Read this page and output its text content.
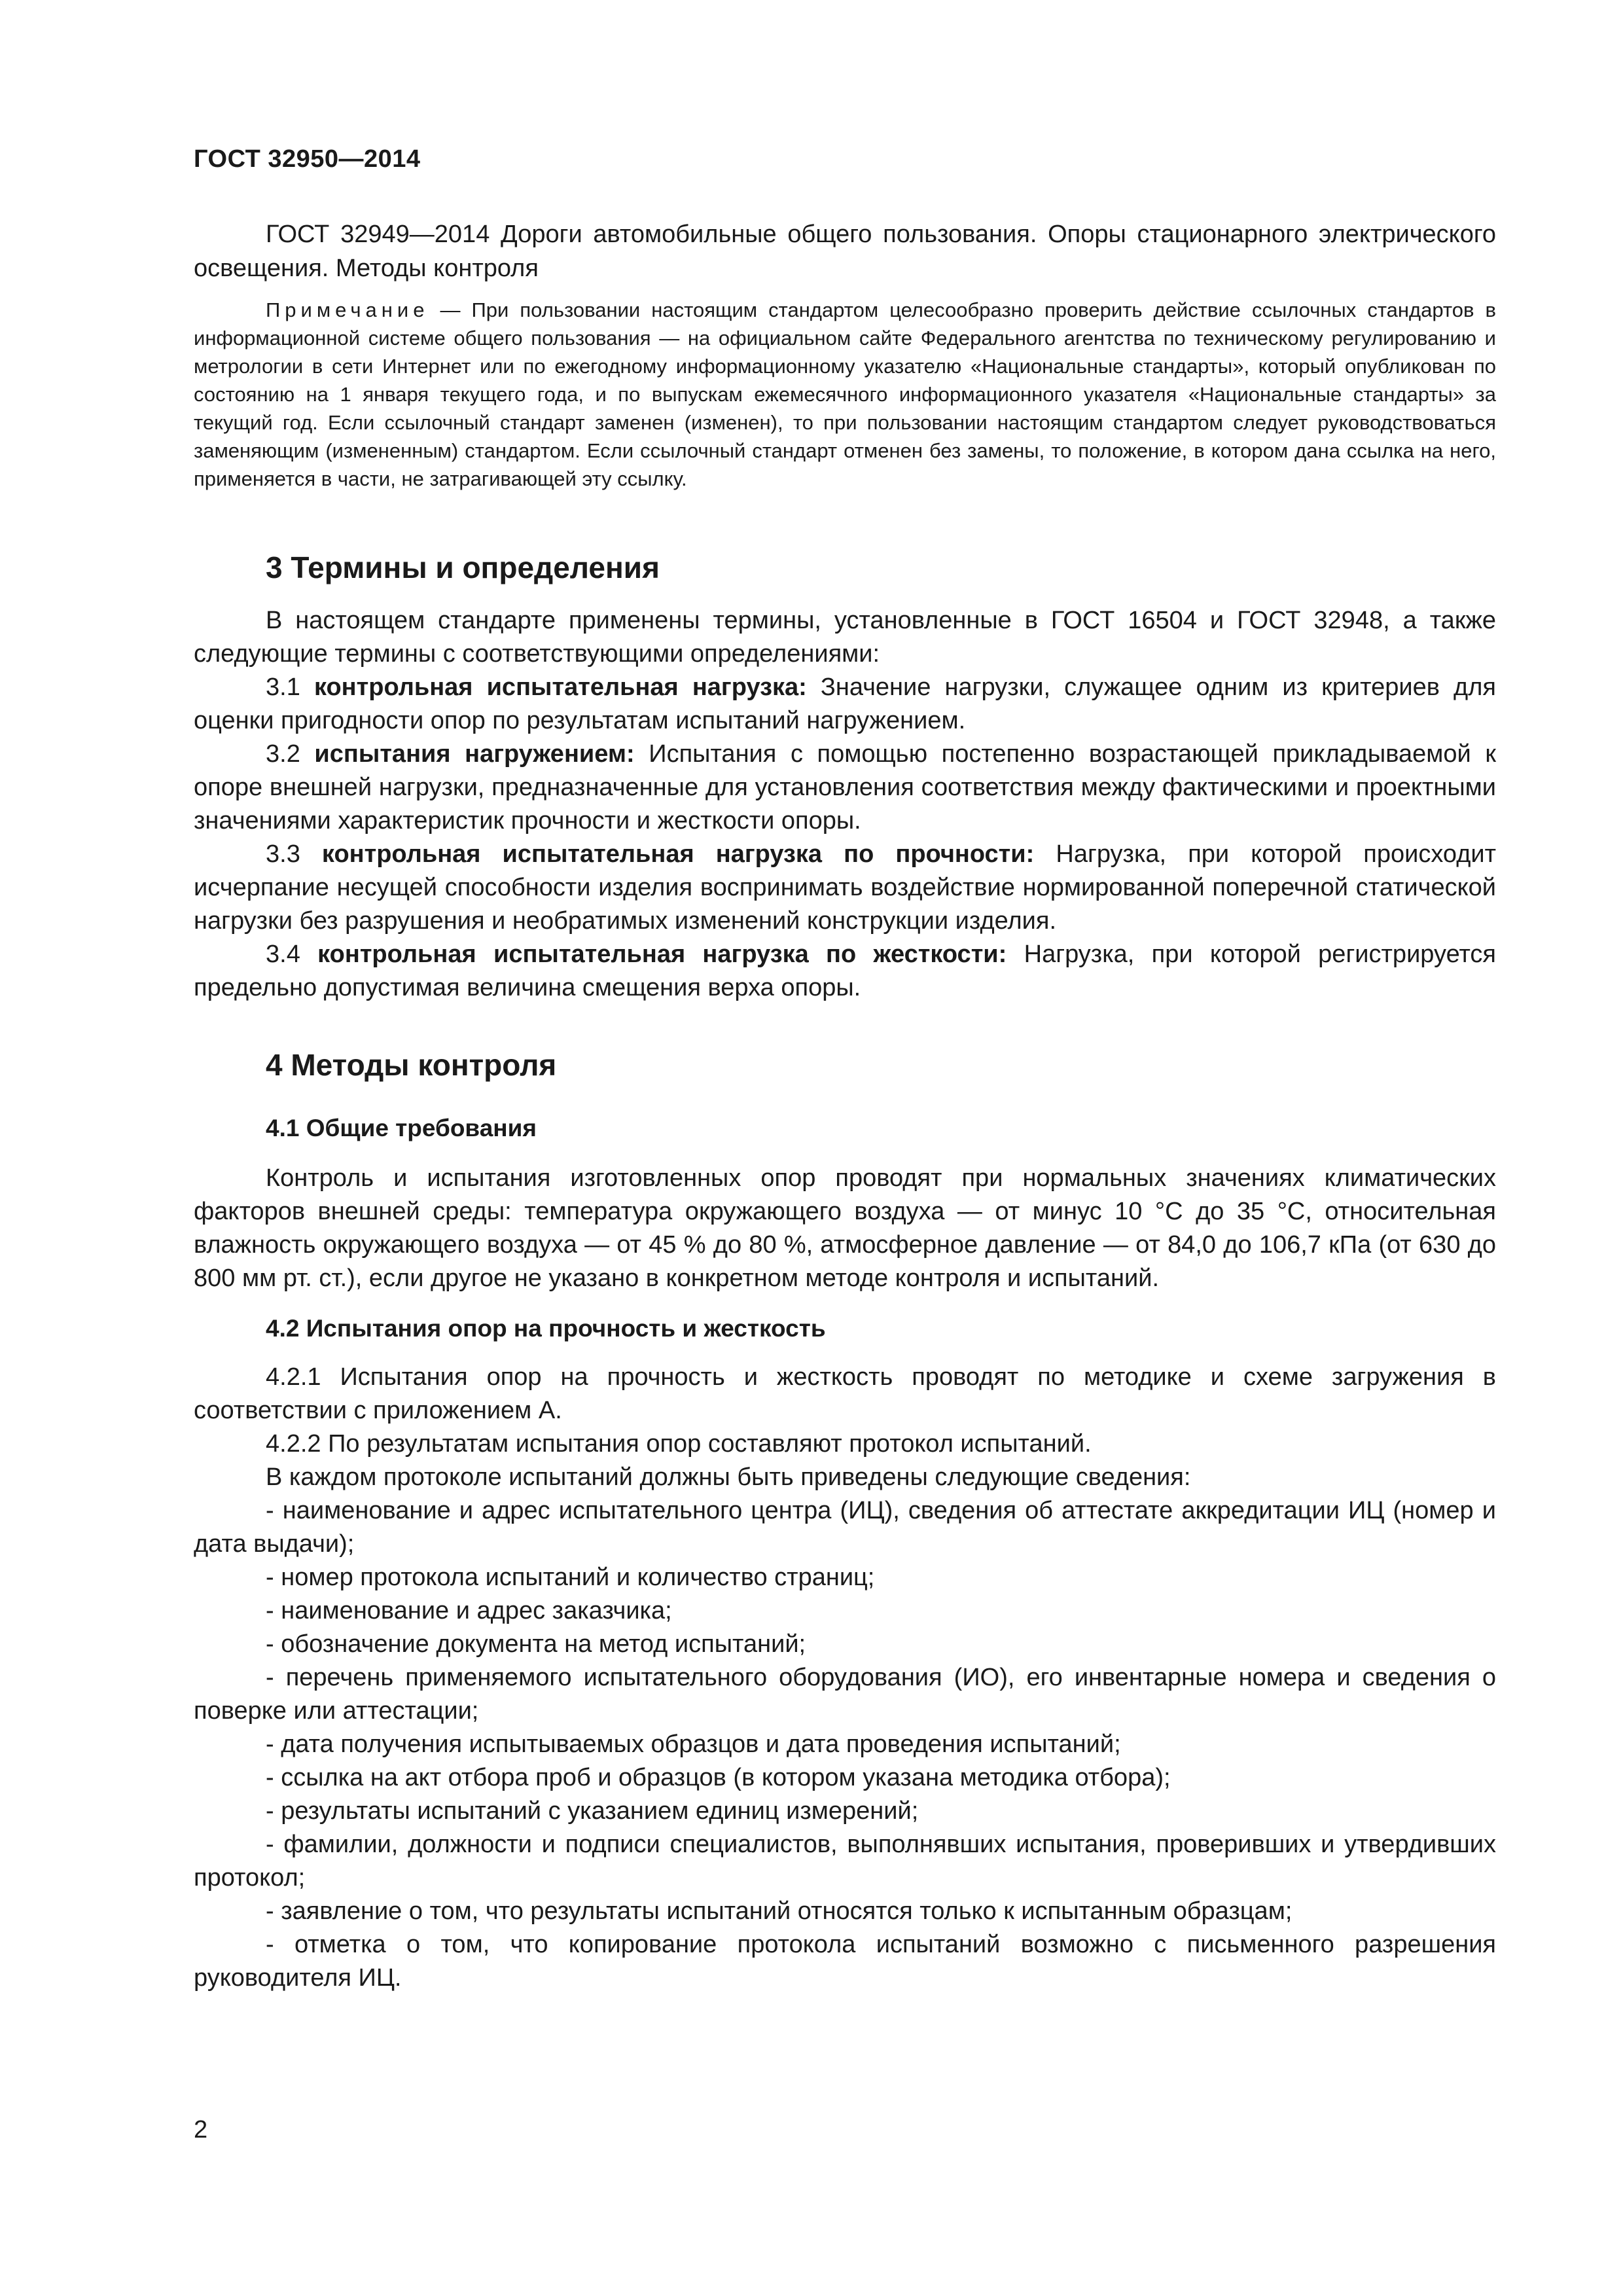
ГОСТ 32950—2014

ГОСТ 32949—2014 Дороги автомобильные общего пользования. Опоры стационарного электрического освещения. Методы контроля

Примечание — При пользовании настоящим стандартом целесообразно проверить действие ссылочных стандартов в информационной системе общего пользования — на официальном сайте Федерального агентства по техническому регулированию и метрологии в сети Интернет или по ежегодному информационному указателю «Национальные стандарты», который опубликован по состоянию на 1 января текущего года, и по выпускам ежемесячного информационного указателя «Национальные стандарты» за текущий год. Если ссылочный стандарт заменен (изменен), то при пользовании настоящим стандартом следует руководствоваться заменяющим (измененным) стандартом. Если ссылочный стандарт отменен без замены, то положение, в котором дана ссылка на него, применяется в части, не затрагивающей эту ссылку.

3 Термины и определения

В настоящем стандарте применены термины, установленные в ГОСТ 16504 и ГОСТ 32948, а также следующие термины с соответствующими определениями:

3.1 контрольная испытательная нагрузка: Значение нагрузки, служащее одним из критериев для оценки пригодности опор по результатам испытаний нагружением.

3.2 испытания нагружением: Испытания с помощью постепенно возрастающей прикладываемой к опоре внешней нагрузки, предназначенные для установления соответствия между фактическими и проектными значениями характеристик прочности и жесткости опоры.

3.3 контрольная испытательная нагрузка по прочности: Нагрузка, при которой происходит исчерпание несущей способности изделия воспринимать воздействие нормированной поперечной статической нагрузки без разрушения и необратимых изменений конструкции изделия.

3.4 контрольная испытательная нагрузка по жесткости: Нагрузка, при которой регистрируется предельно допустимая величина смещения верха опоры.

4 Методы контроля
4.1 Общие требования

Контроль и испытания изготовленных опор проводят при нормальных значениях климатических факторов внешней среды: температура окружающего воздуха — от минус 10 °С до 35 °С, относительная влажность окружающего воздуха — от 45 % до 80 %, атмосферное давление — от 84,0 до 106,7 кПа (от 630 до 800 мм рт. ст.), если другое не указано в конкретном методе контроля и испытаний.

4.2 Испытания опор на прочность и жесткость

4.2.1 Испытания опор на прочность и жесткость проводят по методике и схеме загружения в соответствии с приложением А.

4.2.2 По результатам испытания опор составляют протокол испытаний.

В каждом протоколе испытаний должны быть приведены следующие сведения:

- наименование и адрес испытательного центра (ИЦ), сведения об аттестате аккредитации ИЦ (номер и дата выдачи);

- номер протокола испытаний и количество страниц;

- наименование и адрес заказчика;

- обозначение документа на метод испытаний;

- перечень применяемого испытательного оборудования (ИО), его инвентарные номера и сведения о поверке или аттестации;

- дата получения испытываемых образцов и дата проведения испытаний;

- ссылка на акт отбора проб и образцов (в котором указана методика отбора);

- результаты испытаний с указанием единиц измерений;

- фамилии, должности и подписи специалистов, выполнявших испытания, проверивших и утвердивших протокол;

- заявление о том, что результаты испытаний относятся только к испытанным образцам;

- отметка о том, что копирование протокола испытаний возможно с письменного разрешения руководителя ИЦ.

2
